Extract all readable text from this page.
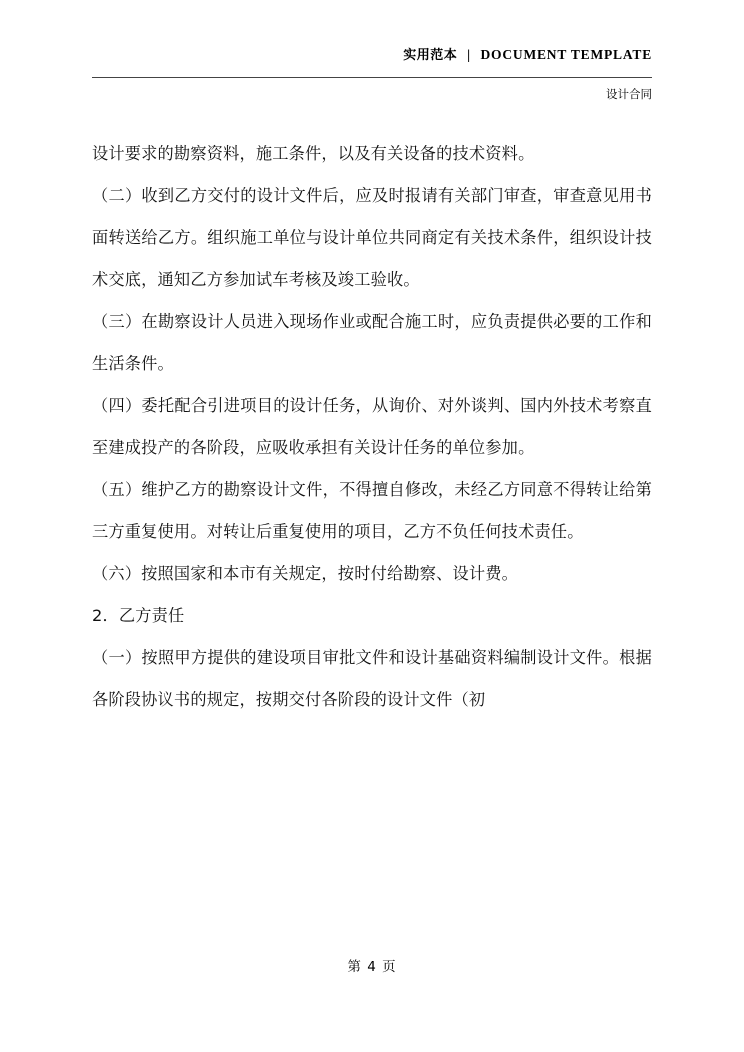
实用范本 | DOCUMENT TEMPLATE
设计合同

设计要求的勘察资料，施工条件，以及有关设备的技术资料。

（二）收到乙方交付的设计文件后，应及时报请有关部门审查，审查意见用书面转送给乙方。组织施工单位与设计单位共同商定有关技术条件，组织设计技术交底，通知乙方参加试车考核及竣工验收。

（三）在勘察设计人员进入现场作业或配合施工时，应负责提供必要的工作和生活条件。

（四）委托配合引进项目的设计任务，从询价、对外谈判、国内外技术考察直至建成投产的各阶段，应吸收承担有关设计任务的单位参加。

（五）维护乙方的勘察设计文件，不得擅自修改，未经乙方同意不得转让给第三方重复使用。对转让后重复使用的项目，乙方不负任何技术责任。

（六）按照国家和本市有关规定，按时付给勘察、设计费。

2．乙方责任

（一）按照甲方提供的建设项目审批文件和设计基础资料编制设计文件。根据各阶段协议书的规定，按期交付各阶段的设计文件（初

第 4 页
